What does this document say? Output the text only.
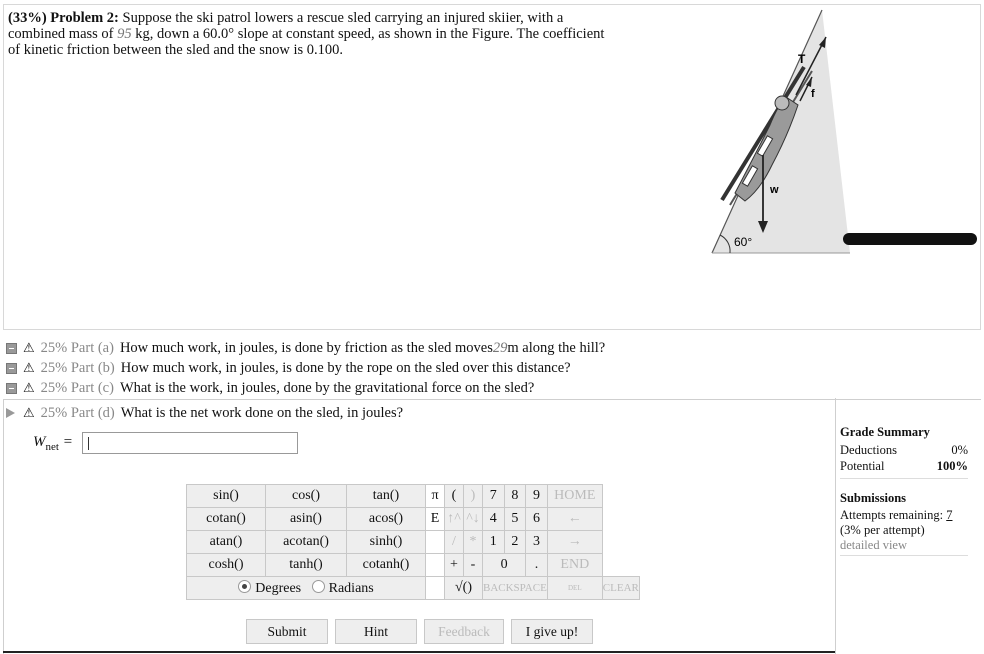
(33%) Problem 2: Suppose the ski patrol lowers a rescue sled carrying an injured skiier, with a combined mass of 95 kg, down a 60.0° slope at constant speed, as shown in the Figure. The coefficient of kinetic friction between the sled and the snow is 0.100.
T
f
w
60°
⚠ 25% Part (a) How much work, in joules, is done by friction as the sled moves 29 m along the hill?
⚠ 25% Part (b) How much work, in joules, is done by the rope on the sled over this distance?
⚠ 25% Part (c) What is the work, in joules, done by the gravitational force on the sled?
⚠ 25% Part (d) What is the net work done on the sled, in joules?
$W_{net}$ =
sin()	cos()	tan()	π	(	)	7	8	9	HOME	
cotan()	asin()	acos()	E	↑^	^↓	4	5	6	←	
atan()	acotan()	sinh()		/	*	1	2	3	→	
cosh()	tanh()	cotanh()		+	-	0		.	END	
Degrees Radians				√()		BACKSPACE			DEL	CLEAR
Submit	Hint	Feedback	I give up!
Grade Summary
Deductions	0%
Potential	100%
Submissions
Attempts remaining: 7
(3% per attempt)
detailed view
